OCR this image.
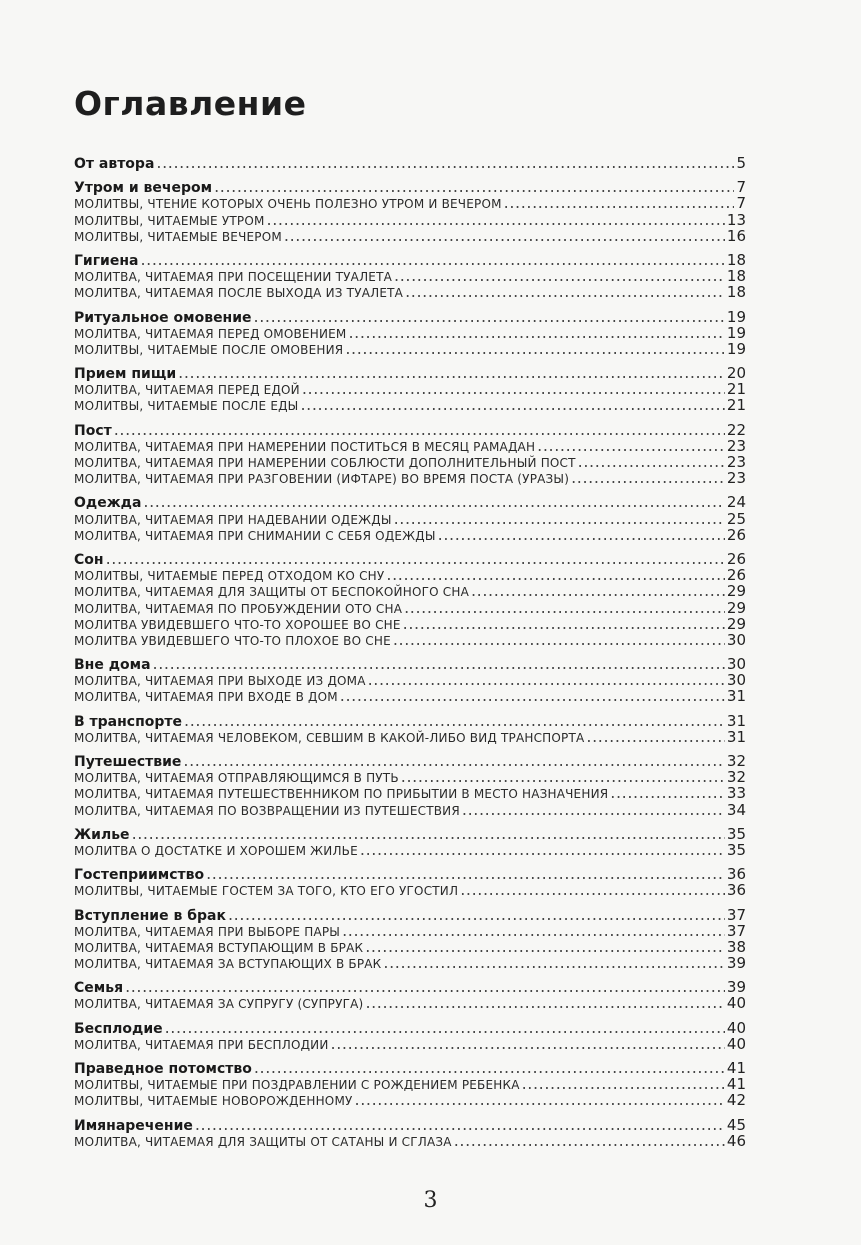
Оглавление
От автора .....	5
Утром и вечером .....	7
МОЛИТВЫ, ЧТЕНИЕ КОТОРЫХ ОЧЕНЬ ПОЛЕЗНО УТРОМ И ВЕЧЕРОМ .....	7
МОЛИТВЫ, ЧИТАЕМЫЕ УТРОМ .....	13
МОЛИТВЫ, ЧИТАЕМЫЕ ВЕЧЕРОМ .....	16
Гигиена .....	18
МОЛИТВА, ЧИТАЕМАЯ ПРИ ПОСЕЩЕНИИ ТУАЛЕТА .....	18
МОЛИТВА, ЧИТАЕМАЯ ПОСЛЕ ВЫХОДА ИЗ ТУАЛЕТА .....	18
Ритуальное омовение .....	19
МОЛИТВА, ЧИТАЕМАЯ ПЕРЕД ОМОВЕНИЕМ .....	19
МОЛИТВЫ, ЧИТАЕМЫЕ ПОСЛЕ ОМОВЕНИЯ .....	19
Прием пищи .....	20
МОЛИТВА, ЧИТАЕМАЯ ПЕРЕД ЕДОЙ .....	21
МОЛИТВЫ, ЧИТАЕМЫЕ ПОСЛЕ ЕДЫ .....	21
Пост .....	22
МОЛИТВА, ЧИТАЕМАЯ ПРИ НАМЕРЕНИИ ПОСТИТЬСЯ В МЕСЯЦ РАМАДАН .....	23
МОЛИТВА, ЧИТАЕМАЯ ПРИ НАМЕРЕНИИ СОБЛЮСТИ ДОПОЛНИТЕЛЬНЫЙ ПОСТ .....	23
МОЛИТВА, ЧИТАЕМАЯ ПРИ РАЗГОВЕНИИ (ИФТАРЕ) ВО ВРЕМЯ ПОСТА (УРАЗЫ) .....	23
Одежда .....	24
МОЛИТВА, ЧИТАЕМАЯ ПРИ НАДЕВАНИИ ОДЕЖДЫ .....	25
МОЛИТВА, ЧИТАЕМАЯ ПРИ СНИМАНИИ С СЕБЯ ОДЕЖДЫ .....	26
Сон .....	26
МОЛИТВЫ, ЧИТАЕМЫЕ ПЕРЕД ОТХОДОМ КО СНУ .....	26
МОЛИТВА, ЧИТАЕМАЯ ДЛЯ ЗАЩИТЫ ОТ БЕСПОКОЙНОГО СНА .....	29
МОЛИТВА, ЧИТАЕМАЯ ПО ПРОБУЖДЕНИИ ОТО СНА .....	29
МОЛИТВА УВИДЕВШЕГО ЧТО-ТО ХОРОШЕЕ ВО СНЕ .....	29
МОЛИТВА УВИДЕВШЕГО ЧТО-ТО ПЛОХОЕ ВО СНЕ .....	30
Вне дома .....	30
МОЛИТВА, ЧИТАЕМАЯ ПРИ ВЫХОДЕ ИЗ ДОМА .....	30
МОЛИТВА, ЧИТАЕМАЯ ПРИ ВХОДЕ В ДОМ .....	31
В транспорте .....	31
МОЛИТВА, ЧИТАЕМАЯ ЧЕЛОВЕКОМ, СЕВШИМ В КАКОЙ-ЛИБО ВИД ТРАНСПОРТА .....	31
Путешествие .....	32
МОЛИТВА, ЧИТАЕМАЯ ОТПРАВЛЯЮЩИМСЯ В ПУТЬ .....	32
МОЛИТВА, ЧИТАЕМАЯ ПУТЕШЕСТВЕННИКОМ ПО ПРИБЫТИИ В МЕСТО НАЗНАЧЕНИЯ .....	33
МОЛИТВА, ЧИТАЕМАЯ ПО ВОЗВРАЩЕНИИ ИЗ ПУТЕШЕСТВИЯ .....	34
Жилье .....	35
МОЛИТВА О ДОСТАТКЕ И ХОРОШЕМ ЖИЛЬЕ .....	35
Гостеприимство .....	36
МОЛИТВЫ, ЧИТАЕМЫЕ ГОСТЕМ ЗА ТОГО, КТО ЕГО УГОСТИЛ .....	36
Вступление в брак .....	37
МОЛИТВА, ЧИТАЕМАЯ ПРИ ВЫБОРЕ ПАРЫ .....	37
МОЛИТВА, ЧИТАЕМАЯ ВСТУПАЮЩИМ В БРАК .....	38
МОЛИТВА, ЧИТАЕМАЯ ЗА ВСТУПАЮЩИХ В БРАК .....	39
Семья .....	39
МОЛИТВА, ЧИТАЕМАЯ ЗА СУПРУГУ (СУПРУГА) .....	40
Бесплодие .....	40
МОЛИТВА, ЧИТАЕМАЯ ПРИ БЕСПЛОДИИ .....	40
Праведное потомство .....	41
МОЛИТВЫ, ЧИТАЕМЫЕ ПРИ ПОЗДРАВЛЕНИИ С РОЖДЕНИЕМ РЕБЕНКА .....	41
МОЛИТВЫ, ЧИТАЕМЫЕ НОВОРОЖДЕННОМУ .....	42
Имянаречение .....	45
МОЛИТВА, ЧИТАЕМАЯ ДЛЯ ЗАЩИТЫ ОТ САТАНЫ И СГЛАЗА .....	46
3
